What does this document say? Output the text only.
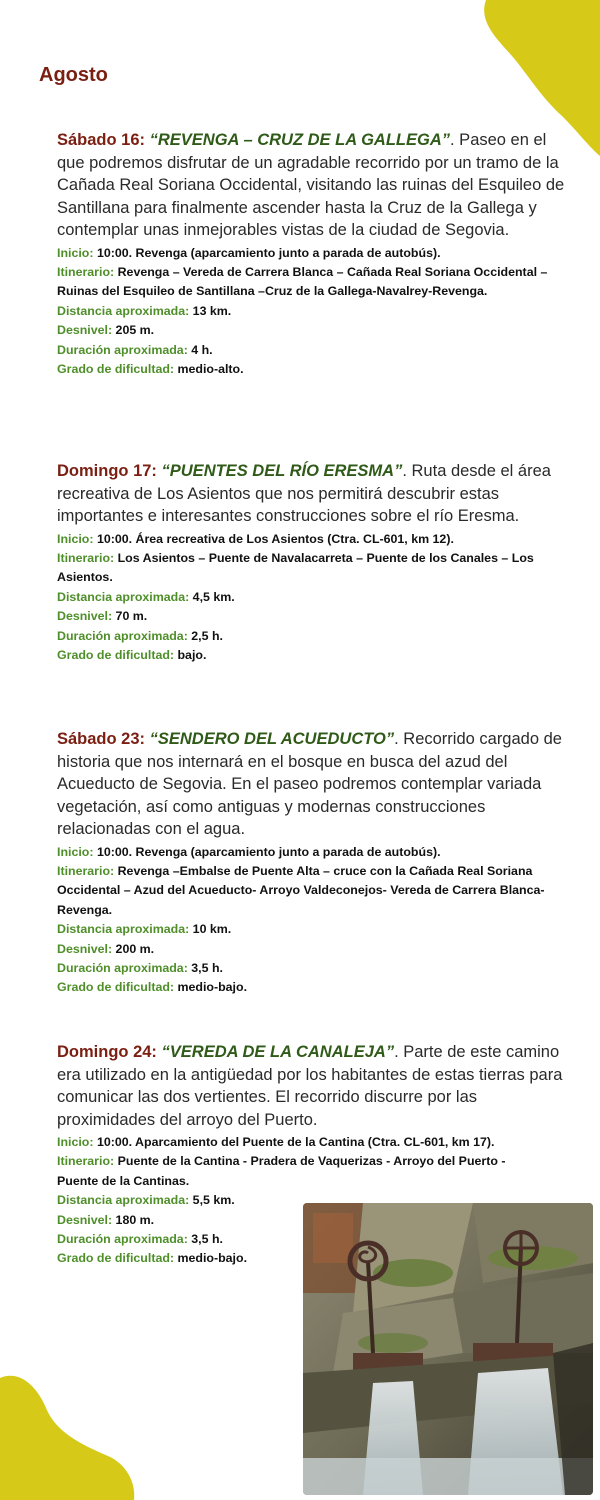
Agosto

Sábado 16: “REVENGA – CRUZ DE LA GALLEGA”. Paseo en el que podremos disfrutar de un agradable recorrido por un tramo de la Cañada Real Soriana Occidental, visitando las ruinas del Esquileo de Santillana para finalmente ascender hasta la Cruz de la Gallega y contemplar unas inmejorables vistas de la ciudad de Segovia.

Inicio: 10:00. Revenga (aparcamiento junto a parada de autobús).
Itinerario: Revenga – Vereda de Carrera Blanca – Cañada Real Soriana Occidental – Ruinas del Esquileo de Santillana –Cruz de la Gallega-Navalrey-Revenga.
Distancia aproximada: 13 km.
Desnivel: 205 m.
Duración aproximada: 4 h.
Grado de dificultad: medio-alto.

Domingo 17: “PUENTES DEL RÍO ERESMA”. Ruta desde el área recreativa de Los Asientos que nos permitirá descubrir estas importantes e interesantes construcciones sobre el río Eresma.

Inicio: 10:00. Área recreativa de Los Asientos (Ctra. CL-601, km 12).
Itinerario: Los Asientos – Puente de Navalacarreta – Puente de los Canales – Los Asientos.
Distancia aproximada: 4,5 km.
Desnivel: 70 m.
Duración aproximada: 2,5 h.
Grado de dificultad: bajo.

Sábado 23: “SENDERO DEL ACUEDUCTO”. Recorrido cargado de historia que nos internará en el bosque en busca del azud del Acueducto de Segovia. En el paseo podremos contemplar variada vegetación, así como antiguas y modernas construcciones relacionadas con el agua.

Inicio: 10:00. Revenga (aparcamiento junto a parada de autobús).
Itinerario: Revenga –Embalse de Puente Alta – cruce con la Cañada Real Soriana Occidental – Azud del Acueducto- Arroyo Valdeconejos- Vereda de Carrera Blanca- Revenga.
Distancia aproximada: 10 km.
Desnivel: 200 m.
Duración aproximada: 3,5 h.
Grado de dificultad: medio-bajo.

Domingo 24: “VEREDA DE LA CANALEJA”. Parte de este camino era utilizado en la antigüedad por los habitantes de estas tierras para comunicar las dos vertientes. El recorrido discurre por las proximidades del arroyo del Puerto.

Inicio: 10:00. Aparcamiento del Puente de la Cantina (Ctra. CL-601, km 17).
Itinerario: Puente de la Cantina - Pradera de Vaquerizas - Arroyo del Puerto - Puente de la Cantinas.
Distancia aproximada: 5,5 km.
Desnivel: 180 m.
Duración aproximada: 3,5 h.
Grado de dificultad: medio-bajo.
